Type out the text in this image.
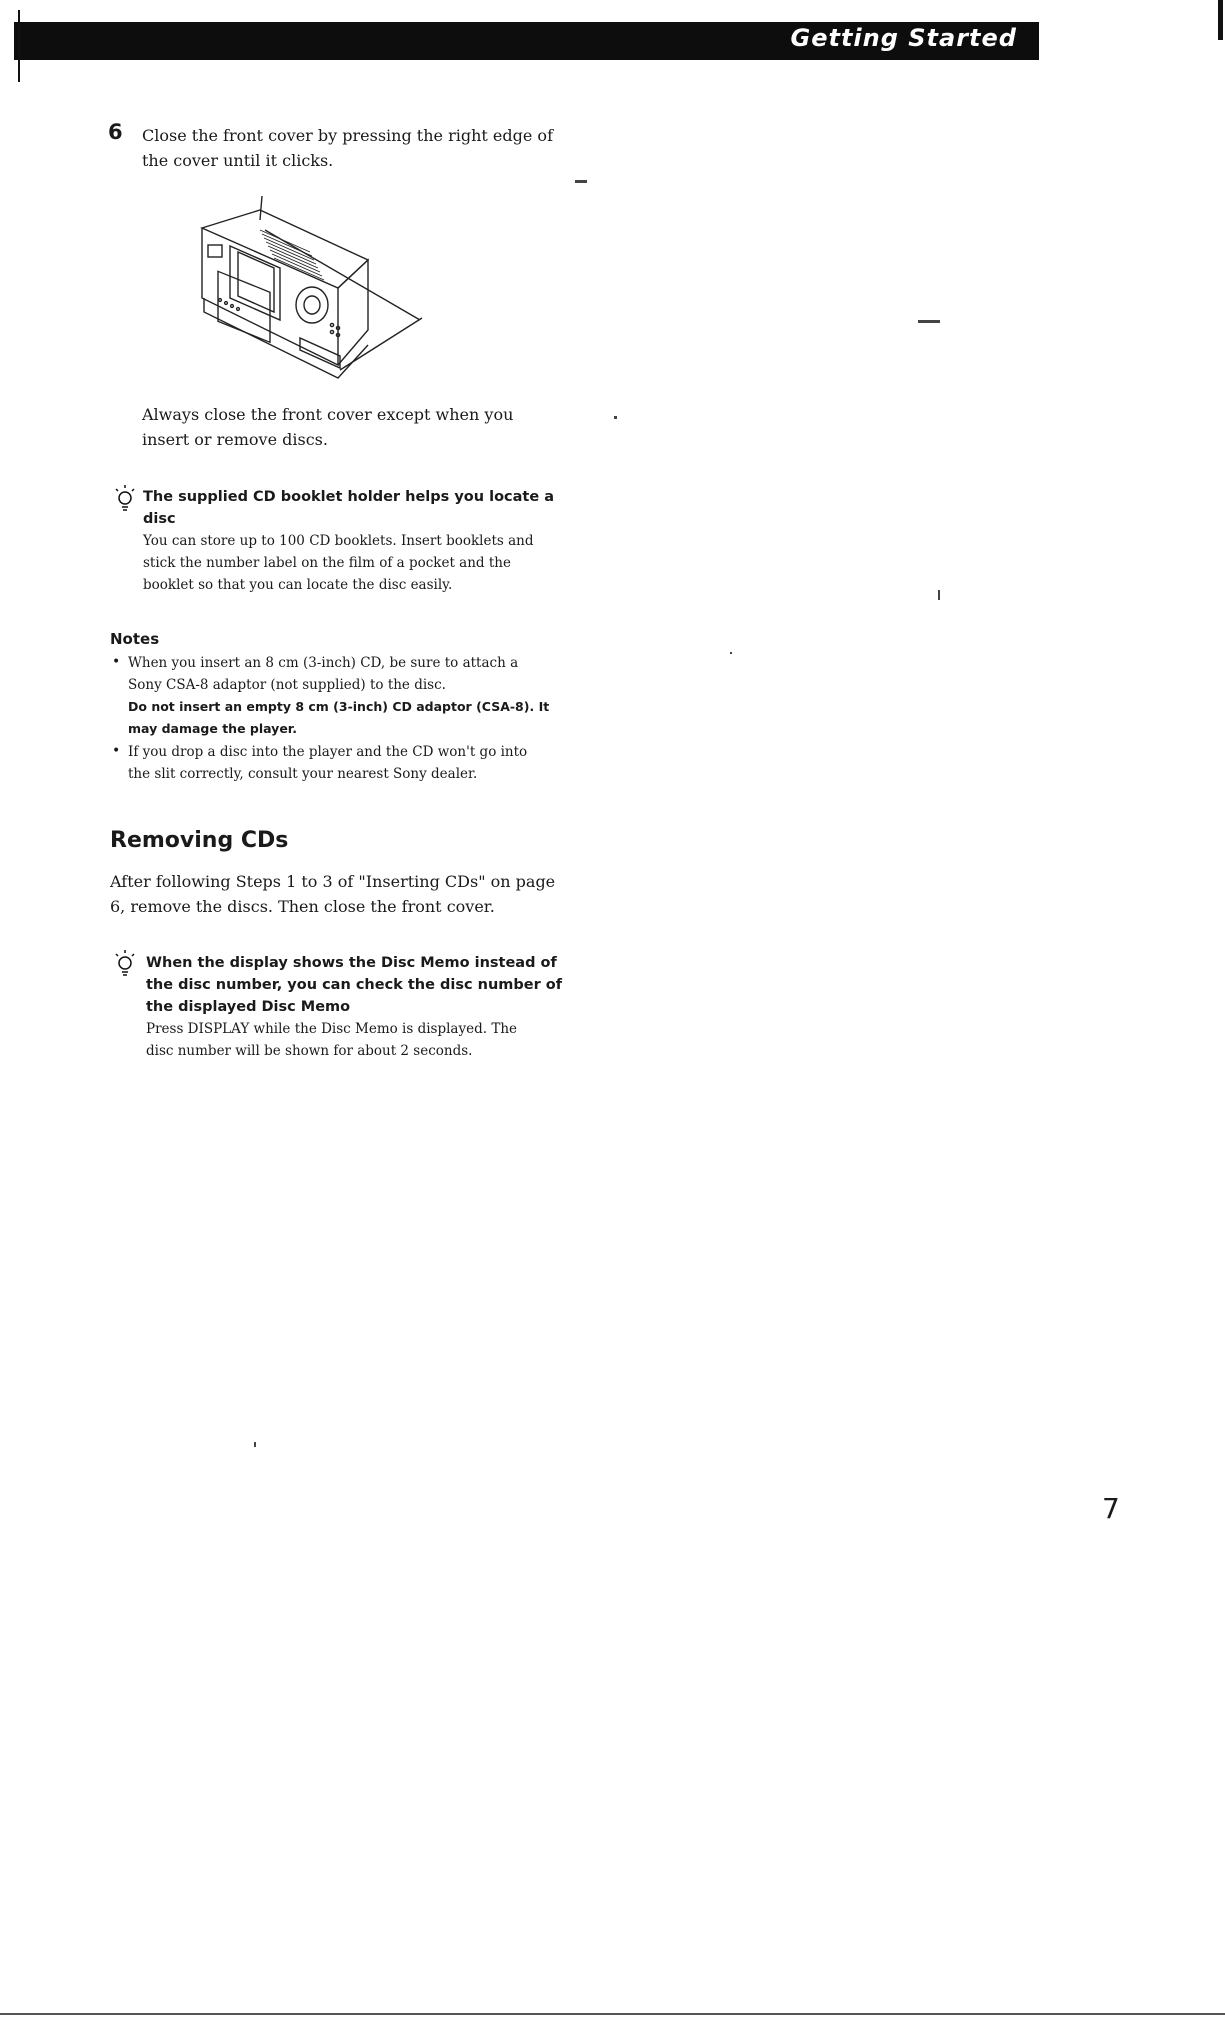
Getting Started
6 Close the front cover by pressing the right edge of
the cover until it clicks.
Always close the front cover except when you
insert or remove discs.
The supplied CD booklet holder helps you locate a
disc
You can store up to 100 CD booklets. Insert booklets and
stick the number label on the film of a pocket and the
booklet so that you can locate the disc easily.
Notes
• When you insert an 8 cm (3-inch) CD, be sure to attach a
Sony CSA-8 adaptor (not supplied) to the disc.
Do not insert an empty 8 cm (3-inch) CD adaptor (CSA-8). It
may damage the player.
• If you drop a disc into the player and the CD won't go into
the slit correctly, consult your nearest Sony dealer.
Removing CDs
After following Steps 1 to 3 of "Inserting CDs" on page
6, remove the discs. Then close the front cover.
When the display shows the Disc Memo instead of
the disc number, you can check the disc number of
the displayed Disc Memo
Press DISPLAY while the Disc Memo is displayed. The
disc number will be shown for about 2 seconds.
7
